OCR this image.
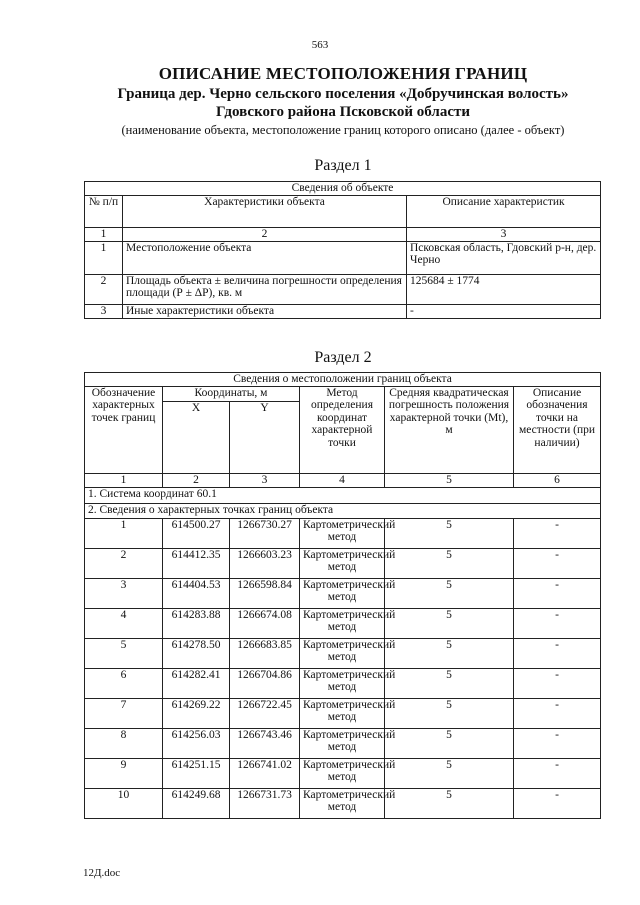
563
ОПИСАНИЕ МЕСТОПОЛОЖЕНИЯ ГРАНИЦ
Граница дер. Черно сельского поселения «Добручинская волость»
Гдовского района Псковской области
(наименование объекта, местоположение границ которого описано (далее - объект)
Раздел 1
Сведения об объекте		
№ п/п	Характеристики объекта	Описание характеристик
1	2	3
1	Местоположение объекта	Псковская область, Гдовский р-н, дер. Черно
2	Площадь объекта ± величина погрешности определения площади (Р ± ΔР), кв. м	125684 ± 1774
3	Иные характеристики объекта	-
Раздел 2
Сведения о местоположении границ объекта					
Обозначение характерных точек границ	Координаты, м		Метод определения координат характерной точки	Средняя квадратическая погрешность положения характерной точки (Мt), м	Описание обозначения точки на местности (при наличии)
	X	Y			
1	2	3	4	5	6
1. Система координат 60.1					
2. Сведения о характерных точках границ объекта					
1	614500.27	1266730.27	Картометрический метод	5	-
2	614412.35	1266603.23	Картометрический метод	5	-
3	614404.53	1266598.84	Картометрический метод	5	-
4	614283.88	1266674.08	Картометрический метод	5	-
5	614278.50	1266683.85	Картометрический метод	5	-
6	614282.41	1266704.86	Картометрический метод	5	-
7	614269.22	1266722.45	Картометрический метод	5	-
8	614256.03	1266743.46	Картометрический метод	5	-
9	614251.15	1266741.02	Картометрический метод	5	-
10	614249.68	1266731.73	Картометрический метод	5	-
12Д.doc
